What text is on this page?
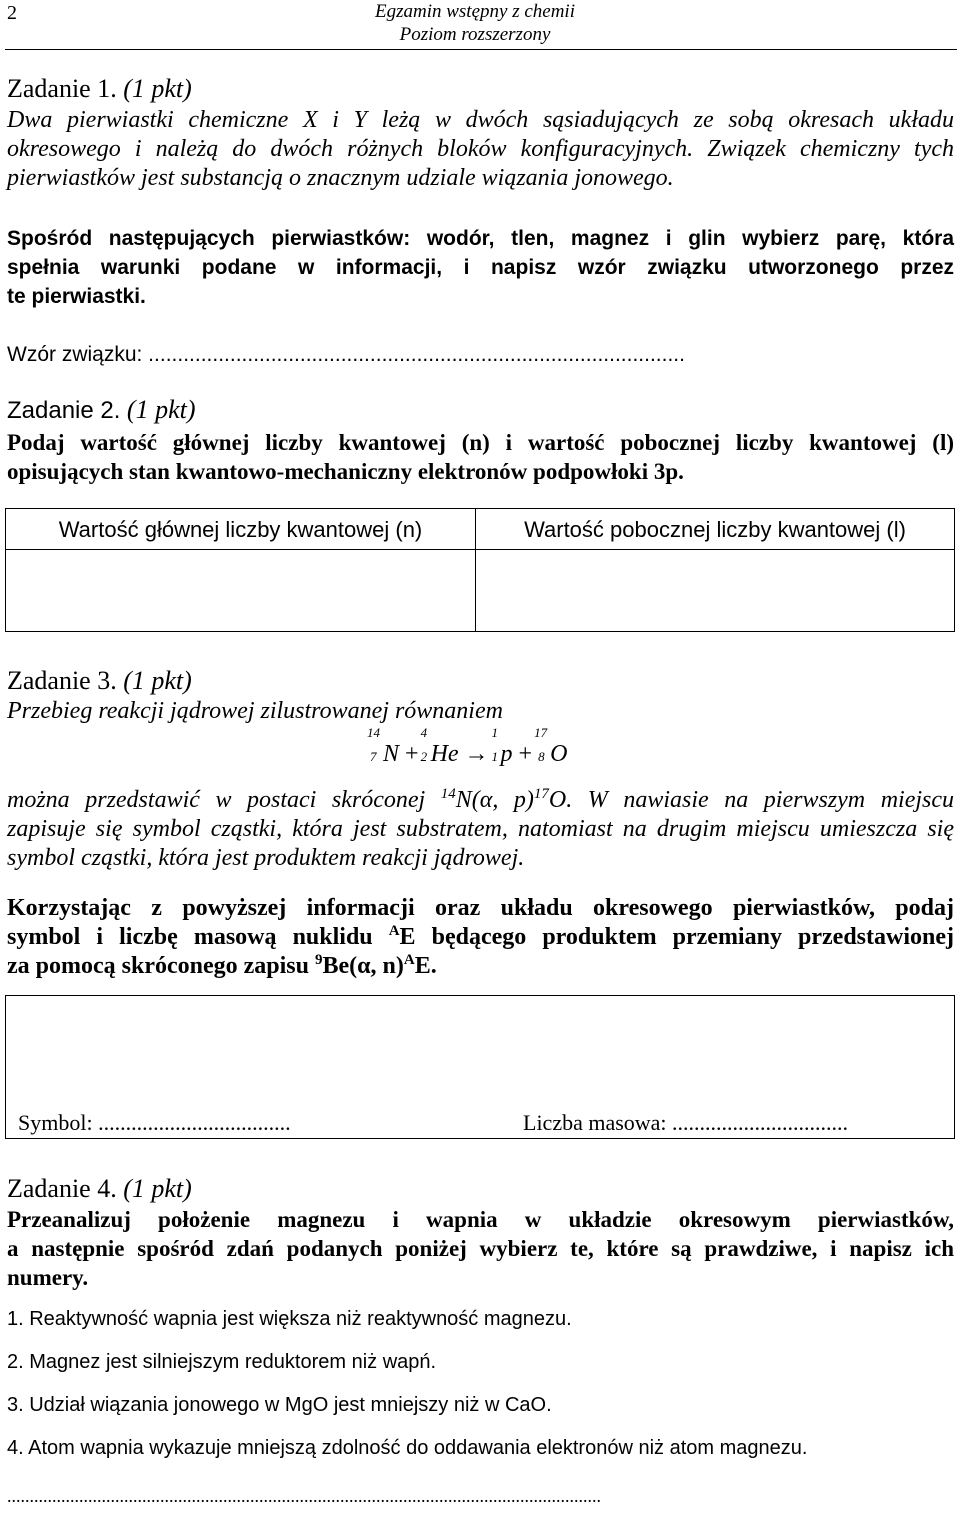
2	Egzamin wstępny z chemii
Poziom rozszerzony
Zadanie 1. (1 pkt)
Dwa pierwiastki chemiczne X i Y leżą w dwóch sąsiadujących ze sobą okresach układu
okresowego i należą do dwóch różnych bloków konfiguracyjnych. Związek chemiczny tych
pierwiastków jest substancją o znacznym udziale wiązania jonowego.
Spośród następujących pierwiastków: wodór, tlen, magnez i glin wybierz parę, która
spełnia warunki podane w informacji, i napisz wzór związku utworzonego przez
te pierwiastki.
Wzór związku: ............................................................................................
Zadanie 2. (1 pkt)
Podaj wartość głównej liczby kwantowej (n) i wartość pobocznej liczby kwantowej (l)
opisujących stan kwantowo-mechaniczny elektronów podpowłoki 3p.
Wartość głównej liczby kwantowej (n)	Wartość pobocznej liczby kwantowej (l)
Zadanie 3. (1 pkt)
Przebieg reakcji jądrowej zilustrowanej równaniem
14
7 N +
4
2 He →
1
1 p +
17
8 O
można przedstawić w postaci skróconej $^{14}$N(α, p)$^{17}$O. W nawiasie na pierwszym miejscu
zapisuje się symbol cząstki, która jest substratem, natomiast na drugim miejscu umieszcza się
symbol cząstki, która jest produktem reakcji jądrowej.
Korzystając z powyższej informacji oraz układu okresowego pierwiastków, podaj
symbol i liczbę masową nuklidu $^A$E będącego produktem przemiany przedstawionej
za pomocą skróconego zapisu $^9$Be(α, n)$^A$E.
Symbol: ...................................	Liczba masowa: ................................
Zadanie 4. (1 pkt)
Przeanalizuj położenie magnezu i wapnia w układzie okresowym pierwiastków,
a następnie spośród zdań podanych poniżej wybierz te, które są prawdziwe, i napisz ich
numery.
1. Reaktywność wapnia jest większa niż reaktywność magnezu.
2. Magnez jest silniejszym reduktorem niż wapń.
3. Udział wiązania jonowego w MgO jest mniejszy niż w CaO.
4. Atom wapnia wykazuje mniejszą zdolność do oddawania elektronów niż atom magnezu.
....................................................................................................................................
